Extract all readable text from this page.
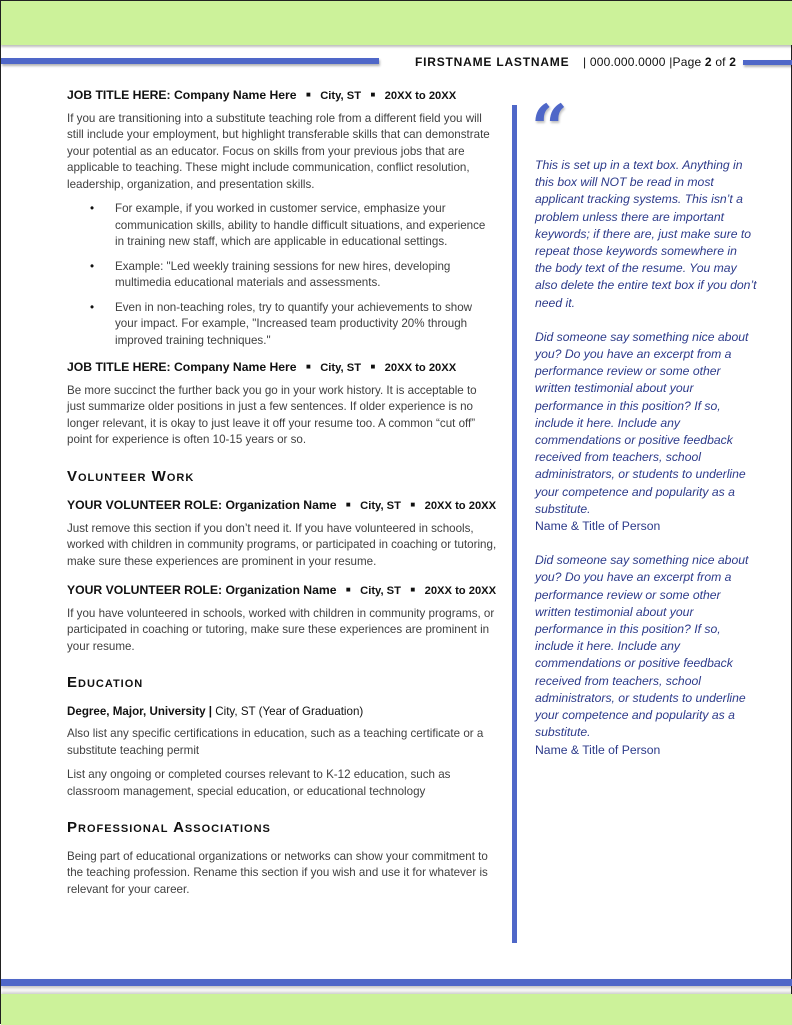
FIRSTNAME LASTNAME | 000.000.0000 |Page 2 of 2
JOB TITLE HERE: Company Name Here ■ City, ST ■ 20XX to 20XX

If you are transitioning into a substitute teaching role from a different field you will still include your employment, but highlight transferable skills that can demonstrate your potential as an educator. Focus on skills from your previous jobs that are applicable to teaching. These might include communication, conflict resolution, leadership, organization, and presentation skills.

• For example, if you worked in customer service, emphasize your communication skills, ability to handle difficult situations, and experience in training new staff, which are applicable in educational settings.
• Example: "Led weekly training sessions for new hires, developing multimedia educational materials and assessments.
• Even in non-teaching roles, try to quantify your achievements to show your impact. For example, "Increased team productivity 20% through improved training techniques."
JOB TITLE HERE: Company Name Here ■ City, ST ■ 20XX to 20XX

Be more succinct the further back you go in your work history. It is acceptable to just summarize older positions in just a few sentences. If older experience is no longer relevant, it is okay to just leave it off your resume too. A common “cut off” point for experience is often 10-15 years or so.

Volunteer Work
YOUR VOLUNTEER ROLE: Organization Name ■ City, ST ■ 20XX to 20XX

Just remove this section if you don’t need it. If you have volunteered in schools, worked with children in community programs, or participated in coaching or tutoring, make sure these experiences are prominent in your resume.

YOUR VOLUNTEER ROLE: Organization Name ■ City, ST ■ 20XX to 20XX

If you have volunteered in schools, worked with children in community programs, or participated in coaching or tutoring, make sure these experiences are prominent in your resume.

Education
Degree, Major, University | City, ST (Year of Graduation)

Also list any specific certifications in education, such as a teaching certificate or a substitute teaching permit

List any ongoing or completed courses relevant to K-12 education, such as classroom management, special education, or educational technology

Professional Associations

Being part of educational organizations or networks can show your commitment to the teaching profession. Rename this section if you wish and use it for whatever is relevant for your career.

“

This is set up in a text box. Anything in this box will NOT be read in most applicant tracking systems. This isn’t a problem unless there are important keywords; if there are, just make sure to repeat those keywords somewhere in the body text of the resume. You may also delete the entire text box if you don’t need it.

Did someone say something nice about you? Do you have an excerpt from a performance review or some other written testimonial about your performance in this position? If so, include it here. Include any commendations or positive feedback received from teachers, school administrators, or students to underline your competence and popularity as a substitute.

Name & Title of Person

Did someone say something nice about you? Do you have an excerpt from a performance review or some other written testimonial about your performance in this position? If so, include it here. Include any commendations or positive feedback received from teachers, school administrators, or students to underline your competence and popularity as a substitute.

Name & Title of Person
